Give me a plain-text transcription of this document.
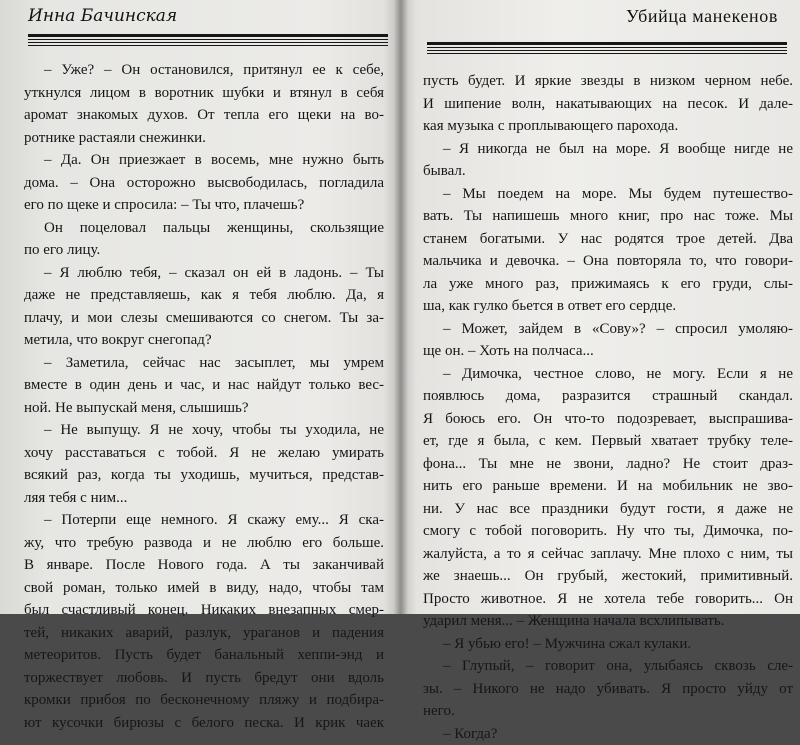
Инна Бачинская
– Уже? – Он остановился, притянул ее к себе,
уткнулся лицом в воротник шубки и втянул в себя
аромат знакомых духов. От тепла его щеки на во-
ротнике растаяли снежинки.
– Да. Он приезжает в восемь, мне нужно быть
дома. – Она осторожно высвободилась, погладила
его по щеке и спросила: – Ты что, плачешь?
Он поцеловал пальцы женщины, скользящие
по его лицу.
– Я люблю тебя, – сказал он ей в ладонь. – Ты
даже не представляешь, как я тебя люблю. Да, я
плачу, и мои слезы смешиваются со снегом. Ты за-
метила, что вокруг снегопад?
– Заметила, сейчас нас засыплет, мы умрем
вместе в один день и час, и нас найдут только вес-
ной. Не выпускай меня, слышишь?
– Не выпущу. Я не хочу, чтобы ты уходила, не
хочу расставаться с тобой. Я не желаю умирать
всякий раз, когда ты уходишь, мучиться, представ-
ляя тебя с ним...
– Потерпи еще немного. Я скажу ему... Я ска-
жу, что требую развода и не люблю его больше.
В январе. После Нового года. А ты заканчивай
свой роман, только имей в виду, надо, чтобы там
был счастливый конец. Никаких внезапных смер-
тей, никаких аварий, разлук, ураганов и падения
метеоритов. Пусть будет банальный хеппи-энд и
торжествует любовь. И пусть бредут они вдоль
кромки прибоя по бесконечному пляжу и подбира-
ют кусочки бирюзы с белого песка. И крик чаек
Убийца манекенов
пусть будет. И яркие звезды в низком черном небе.
И шипение волн, накатывающих на песок. И дале-
кая музыка с проплывающего парохода.
– Я никогда не был на море. Я вообще нигде не
бывал.
– Мы поедем на море. Мы будем путешество-
вать. Ты напишешь много книг, про нас тоже. Мы
станем богатыми. У нас родятся трое детей. Два
мальчика и девочка. – Она повторяла то, что говори-
ла уже много раз, прижимаясь к его груди, слы-
ша, как гулко бьется в ответ его сердце.
– Может, зайдем в «Сову»? – спросил умоляю-
ще он. – Хоть на полчаса...
– Димочка, честное слово, не могу. Если я не
появлюсь дома, разразится страшный скандал.
Я боюсь его. Он что-то подозревает, выспрашива-
ет, где я была, с кем. Первый хватает трубку теле-
фона... Ты мне не звони, ладно? Не стоит драз-
нить его раньше времени. И на мобильник не зво-
ни. У нас все праздники будут гости, я даже не
смогу с тобой поговорить. Ну что ты, Димочка, по-
жалуйста, а то я сейчас заплачу. Мне плохо с ним, ты
же знаешь... Он грубый, жестокий, примитивный.
Просто животное. Я не хотела тебе говорить... Он
ударил меня... – Женщина начала всхлипывать.
– Я убью его! – Мужчина сжал кулаки.
– Глупый, – говорит она, улыбаясь сквозь сле-
зы. – Никого не надо убивать. Я просто уйду от
него.
– Когда?
